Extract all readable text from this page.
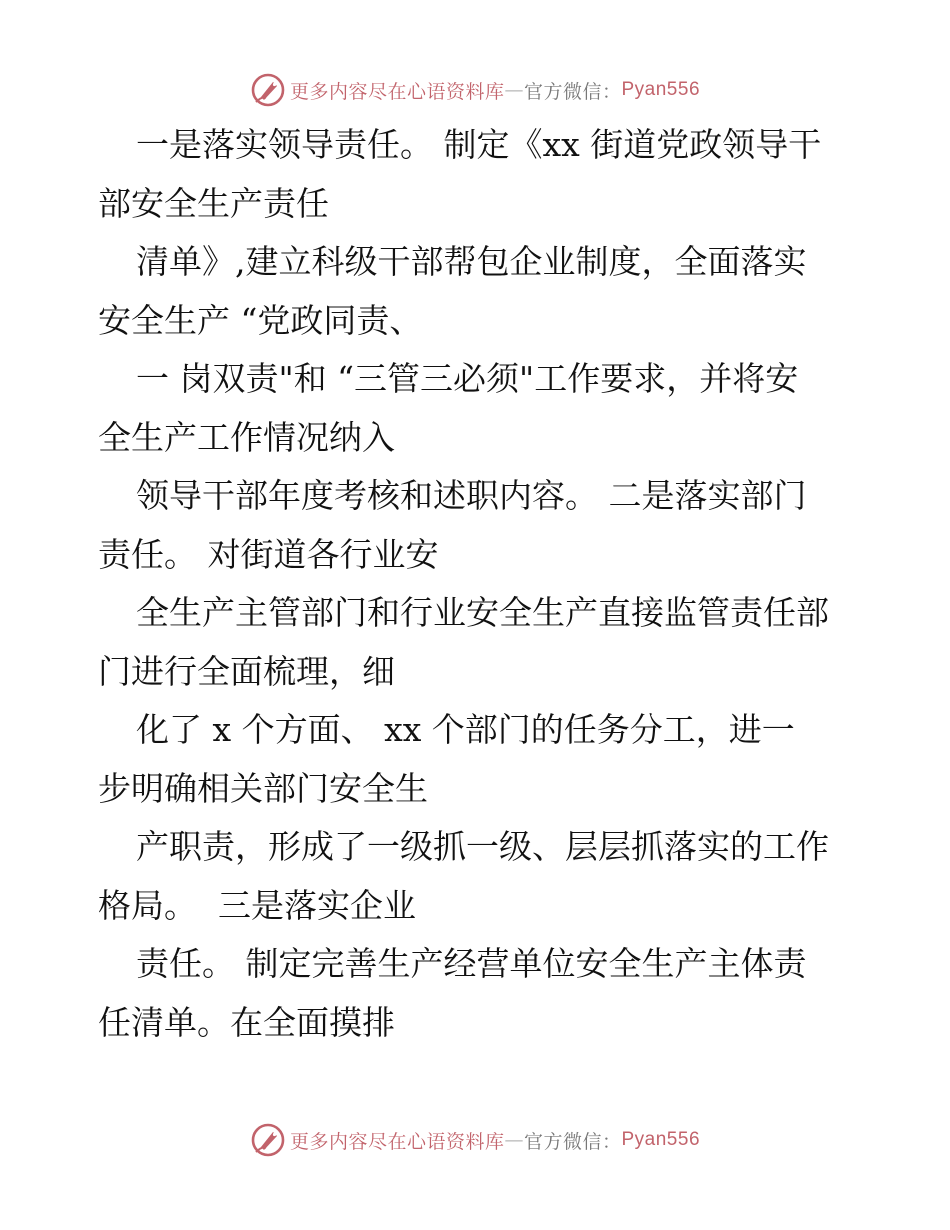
更多内容尽在心语资料库 — 官方微信： Pyan556
一是落实领导责任。 制定《xx 街道党政领导干
部安全生产责任
清单》,建立科级干部帮包企业制度，全面落实
安全生产 “党政同责、
一 岗双责"和 “三管三必须"工作要求，并将安
全生产工作情况纳入
领导干部年度考核和述职内容。 二是落实部门
责任。 对街道各行业安
全生产主管部门和行业安全生产直接监管责任部
门进行全面梳理，细
化了 x 个方面、 xx 个部门的任务分工，进一
步明确相关部门安全生
产职责，形成了一级抓一级、层层抓落实的工作
格局。  三是落实企业
责任。 制定完善生产经营单位安全生产主体责
任清单。在全面摸排
更多内容尽在心语资料库 — 官方微信： Pyan556
